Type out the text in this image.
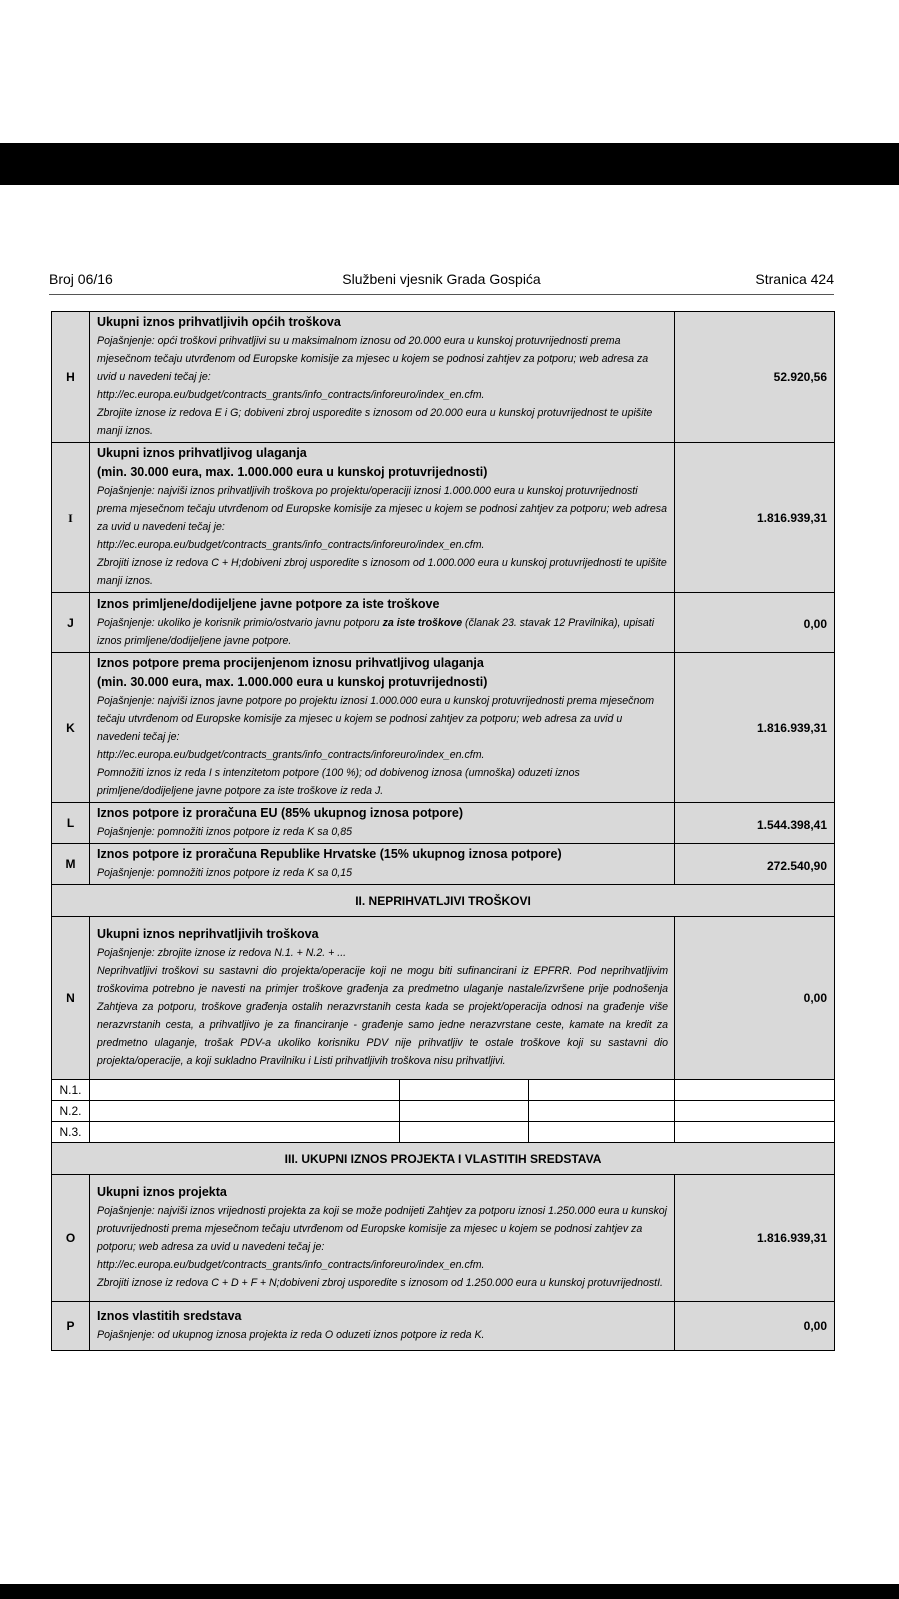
Broj 06/16	Službeni vjesnik Grada Gospića	Stranica 424
H	Ukupni iznos prihvatljivih općih troškova
Pojašnjenje: opći troškovi prihvatljivi su u maksimalnom iznosu od 20.000 eura u kunskoj protuvrijednosti prema mjesečnom tečaju utvrđenom od Europske komisije za mjesec u kojem se podnosi zahtjev za potporu; web adresa za uvid u navedeni tečaj je:
http://ec.europa.eu/budget/contracts_grants/info_contracts/inforeuro/index_en.cfm.
Zbrojite iznose iz redova E i G; dobiveni zbroj usporedite s iznosom od 20.000 eura u kunskoj protuvrijednost te upišite manji iznos.			52.920,56
I	Ukupni iznos prihvatljivog ulaganja
(min. 30.000 eura, max. 1.000.000 eura u kunskoj protuvrijednosti)
Pojašnjenje: najviši iznos prihvatljivih troškova po projektu/operaciji iznosi 1.000.000 eura u kunskoj protuvrijednosti prema mjesečnom tečaju utvrđenom od Europske komisije za mjesec u kojem se podnosi zahtjev za potporu; web adresa za uvid u navedeni tečaj je:
http://ec.europa.eu/budget/contracts_grants/info_contracts/inforeuro/index_en.cfm.
Zbrojiti iznose iz redova C + H;dobiveni zbroj usporedite s iznosom od 1.000.000 eura u kunskoj protuvrijednosti te upišite manji iznos.			1.816.939,31
J	Iznos primljene/dodijeljene javne potpore za iste troškove
Pojašnjenje: ukoliko je korisnik primio/ostvario javnu potporu za iste troškove (članak 23. stavak 12 Pravilnika), upisati iznos primljene/dodijeljene javne potpore.			0,00
K	Iznos potpore prema procijenjenom iznosu prihvatljivog ulaganja
(min. 30.000 eura, max. 1.000.000 eura u kunskoj protuvrijednosti)
Pojašnjenje: najviši iznos javne potpore po projektu iznosi 1.000.000 eura u kunskoj protuvrijednosti prema mjesečnom tečaju utvrđenom od Europske komisije za mjesec u kojem se podnosi zahtjev za potporu; web adresa za uvid u navedeni tečaj je:
http://ec.europa.eu/budget/contracts_grants/info_contracts/inforeuro/index_en.cfm.
Pomnožiti iznos iz reda I s intenzitetom potpore (100 %); od dobivenog iznosa (umnoška) oduzeti iznos primljene/dodijeljene javne potpore za iste troškove iz reda J.			1.816.939,31
L	Iznos potpore iz proračuna EU (85% ukupnog iznosa potpore)
Pojašnjenje: pomnožiti iznos potpore iz reda K sa 0,85			1.544.398,41
M	Iznos potpore iz proračuna Republike Hrvatske (15% ukupnog iznosa potpore)
Pojašnjenje: pomnožiti iznos potpore iz reda K sa 0,15			272.540,90
II. NEPRIHVATLJIVI TROŠKOVI				
N	Ukupni iznos neprihvatljivih troškova
Pojašnjenje: zbrojite iznose iz redova N.1. + N.2. + ...
Neprihvatljivi troškovi su sastavni dio projekta/operacije koji ne mogu biti sufinancirani iz EPFRR. Pod neprihvatljivim troškovima potrebno je navesti na primjer troškove građenja za predmetno ulaganje nastale/izvršene prije podnošenja Zahtjeva za potporu, troškove građenja ostalih nerazvrstanih cesta kada se projekt/operacija odnosi na građenje više nerazvrstanih cesta, a prihvatljivo je za financiranje - građenje samo jedne nerazvrstane ceste, kamate na kredit za predmetno ulaganje, trošak PDV-a ukoliko korisniku PDV nije prihvatljiv te ostale troškove koji su sastavni dio projekta/operacije, a koji sukladno Pravilniku i Listi prihvatljivih troškova nisu prihvatljivi.			0,00
N.1.				
N.2.				
N.3.				
III. UKUPNI IZNOS PROJEKTA I VLASTITIH SREDSTAVA				
O	Ukupni iznos projekta
Pojašnjenje: najviši iznos vrijednosti projekta za koji se može podnijeti Zahtjev za potporu iznosi 1.250.000 eura u kunskoj protuvrijednosti prema mjesečnom tečaju utvrđenom od Europske komisije za mjesec u kojem se podnosi zahtjev za potporu; web adresa za uvid u navedeni tečaj je:
http://ec.europa.eu/budget/contracts_grants/info_contracts/inforeuro/index_en.cfm.
Zbrojiti iznose iz redova C + D + F + N;dobiveni zbroj usporedite s iznosom od 1.250.000 eura u kunskoj protuvrijednostI.			1.816.939,31
P	Iznos vlastitih sredstava
Pojašnjenje: od ukupnog iznosa projekta iz reda O oduzeti iznos potpore iz reda K.			0,00
